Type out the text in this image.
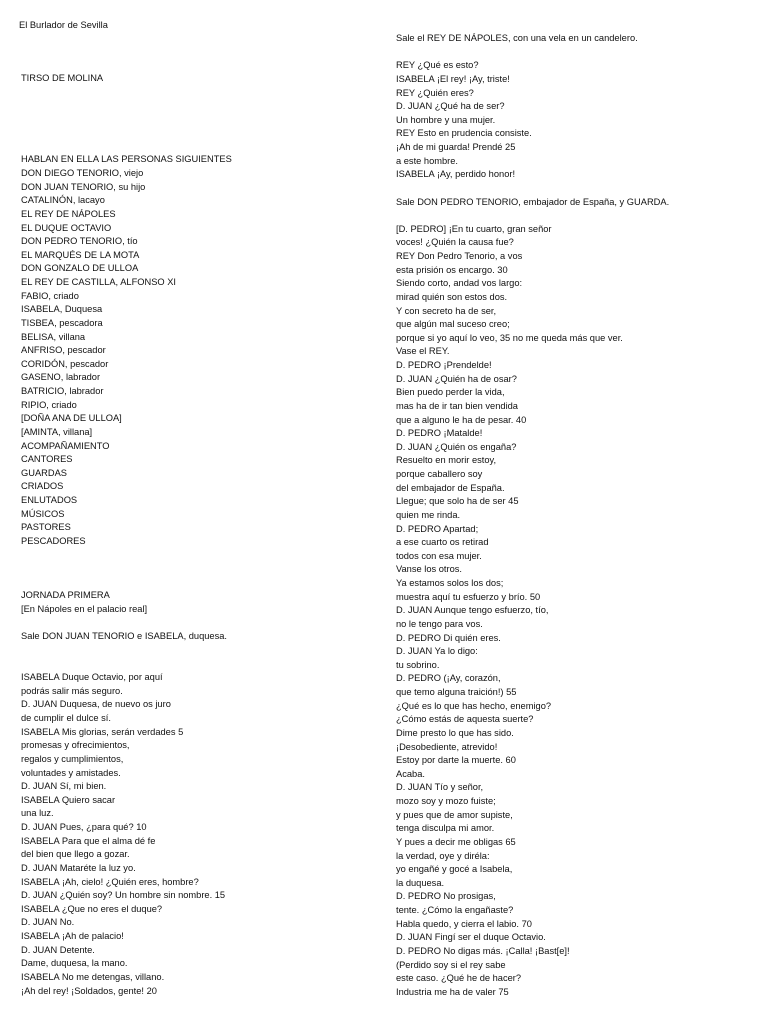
El Burlador de Sevilla
TIRSO DE MOLINA
HABLAN EN ELLA LAS PERSONAS SIGUIENTES
DON DIEGO TENORIO, viejo
DON JUAN TENORIO, su hijo
CATALINÓN, lacayo
EL REY DE NÁPOLES
EL DUQUE OCTAVIO
DON PEDRO TENORIO, tío
EL MARQUÉS DE LA MOTA
DON GONZALO DE ULLOA
EL REY DE CASTILLA, ALFONSO XI
FABIO, criado
ISABELA, Duquesa
TISBEA, pescadora
BELISA, villana
ANFRISO, pescador
CORIDÓN, pescador
GASENO, labrador
BATRICIO, labrador
RIPIO, criado
[DOÑA ANA DE ULLOA]
[AMINTA, villana]
ACOMPAÑAMIENTO
CANTORES
GUARDAS
CRIADOS
ENLUTADOS
MÚSICOS
PASTORES
PESCADORES
JORNADA PRIMERA
[En Nápoles en el palacio real]
Sale DON JUAN TENORIO e ISABELA, duquesa.
ISABELA Duque Octavio, por aquí
podrás salir más seguro.
D. JUAN Duquesa, de nuevo os juro
de cumplir el dulce sí.
ISABELA Mis glorias, serán verdades 5
promesas y ofrecimientos,
regalos y cumplimientos,
voluntades y amistades.
D. JUAN Sí, mi bien.
ISABELA Quiero sacar
una luz.
D. JUAN Pues, ¿para qué? 10
ISABELA Para que el alma dé fe
del bien que llego a gozar.
D. JUAN Mataréte la luz yo.
ISABELA ¡Ah, cielo! ¿Quién eres, hombre?
D. JUAN ¿Quién soy? Un hombre sin nombre. 15
ISABELA ¿Que no eres el duque?
D. JUAN No.
ISABELA ¡Ah de palacio!
D. JUAN Detente.
Dame, duquesa, la mano.
ISABELA No me detengas, villano.
¡Ah del rey! ¡Soldados, gente! 20
Sale el REY DE NÁPOLES, con una vela en un candelero.
REY ¿Qué es esto?
ISABELA ¡El rey! ¡Ay, triste!
REY ¿Quién eres?
D. JUAN ¿Qué ha de ser?
Un hombre y una mujer.
REY Esto en prudencia consiste.
¡Ah de mi guarda! Prendé 25
a este hombre.
ISABELA ¡Ay, perdido honor!
Sale DON PEDRO TENORIO, embajador de España, y GUARDA.
[D. PEDRO] ¡En tu cuarto, gran señor
voces! ¿Quién la causa fue?
REY Don Pedro Tenorio, a vos
esta prisión os encargo. 30
Siendo corto, andad vos largo:
mirad quién son estos dos.
Y con secreto ha de ser,
que algún mal suceso creo;
porque si yo aquí lo veo, 35 no me queda más que ver.
Vase el REY.
D. PEDRO ¡Prendelde!
D. JUAN ¿Quién ha de osar?
Bien puedo perder la vida,
mas ha de ir tan bien vendida
que a alguno le ha de pesar. 40
D. PEDRO ¡Matalde!
D. JUAN ¿Quién os engaña?
Resuelto en morir estoy,
porque caballero soy
del embajador de España.
Llegue; que solo ha de ser 45
quien me rinda.
D. PEDRO Apartad;
a ese cuarto os retirad
todos con esa mujer.
Vanse los otros.
Ya estamos solos los dos;
muestra aquí tu esfuerzo y brío. 50
D. JUAN Aunque tengo esfuerzo, tío,
no le tengo para vos.
D. PEDRO Di quién eres.
D. JUAN Ya lo digo:
tu sobrino.
D. PEDRO (¡Ay, corazón,
que temo alguna traición!) 55
¿Qué es lo que has hecho, enemigo?
¿Cómo estás de aquesta suerte?
Dime presto lo que has sido.
¡Desobediente, atrevido!
Estoy por darte la muerte. 60
Acaba.
D. JUAN Tío y señor,
mozo soy y mozo fuiste;
y pues que de amor supiste,
tenga disculpa mi amor.
Y pues a decir me obligas 65
la verdad, oye y diréla:
yo engañé y gocé a Isabela,
la duquesa.
D. PEDRO No prosigas,
tente. ¿Cómo la engañaste?
Habla quedo, y cierra el labio. 70
D. JUAN Fingí ser el duque Octavio.
D. PEDRO No digas más. ¡Calla! ¡Bast[e]!
(Perdido soy si el rey sabe
este caso. ¿Qué he de hacer?
Industria me ha de valer 75
